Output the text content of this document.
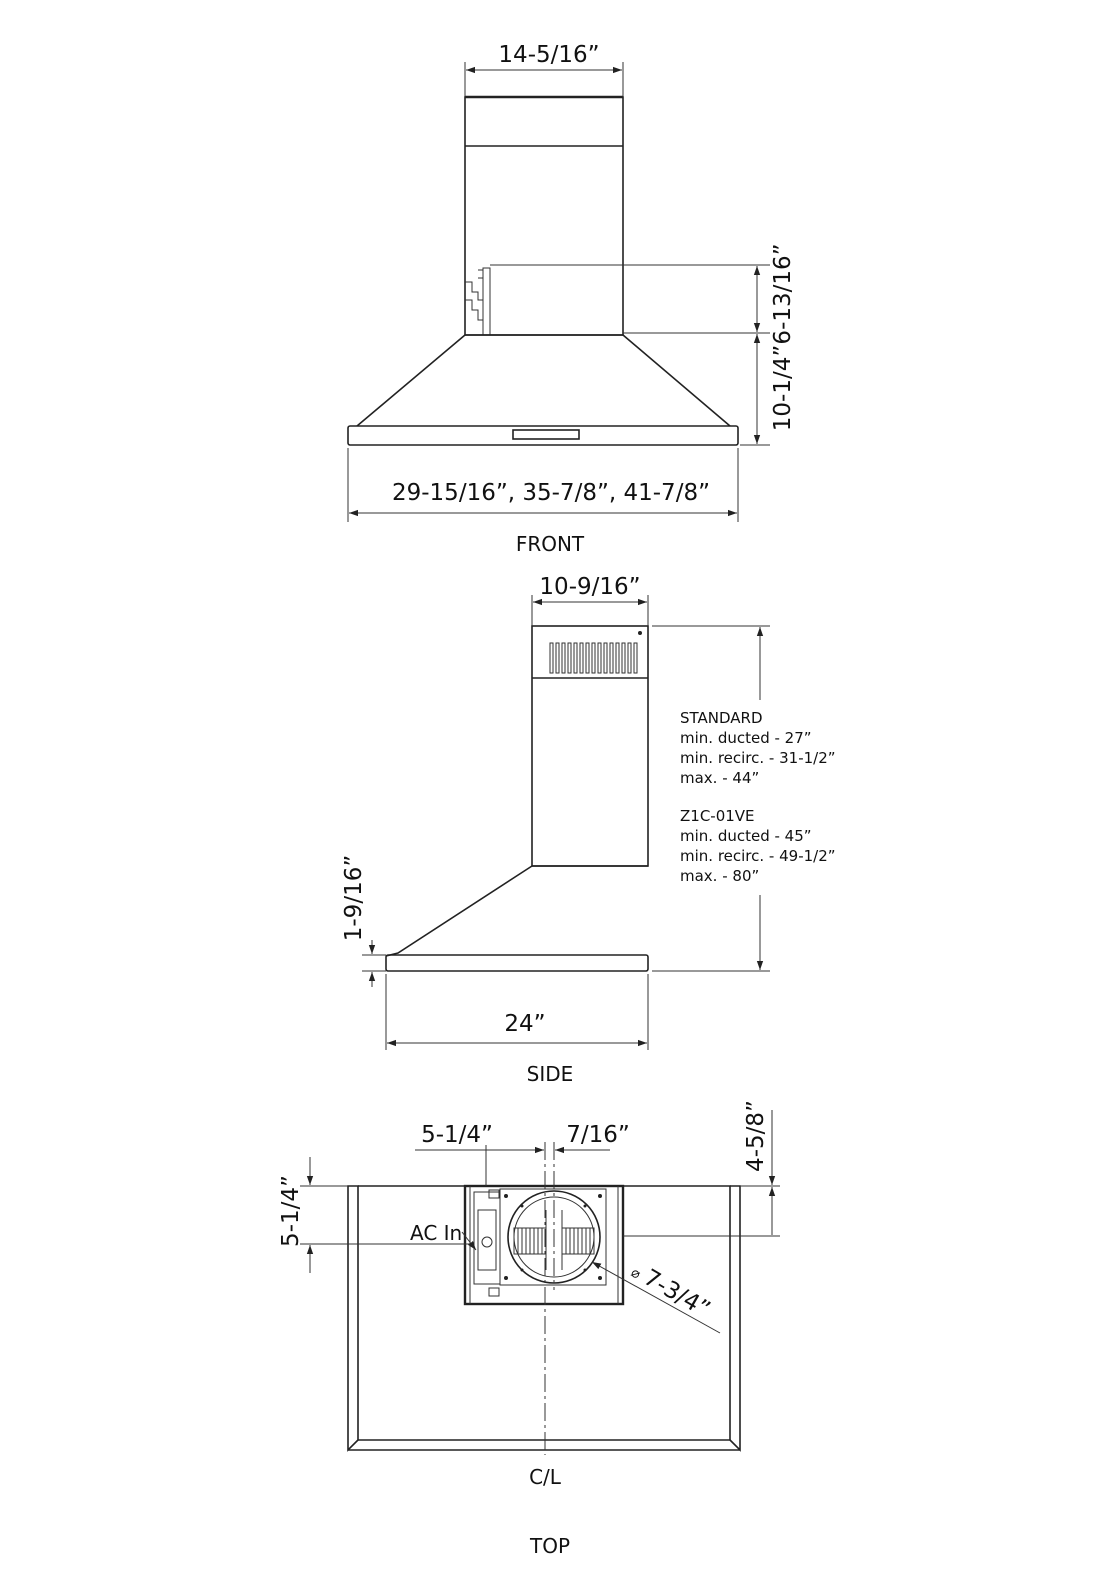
14-5/16”
29-15/16”, 35-7/8”, 41-7/8”
6-13/16”
10-1/4”
FRONT
10-9/16”
STANDARD
min. ducted - 27”
min. recirc. - 31-1/2”
max. - 44”
Z1C-01VE
min. ducted - 45”
min. recirc. - 49-1/2”
max. - 80”
1-9/16”
24”
SIDE
5-1/4”	7/16”	4-5/8”
5-1/4”	AC In
⌀
7-3/4”
C/L
TOP
